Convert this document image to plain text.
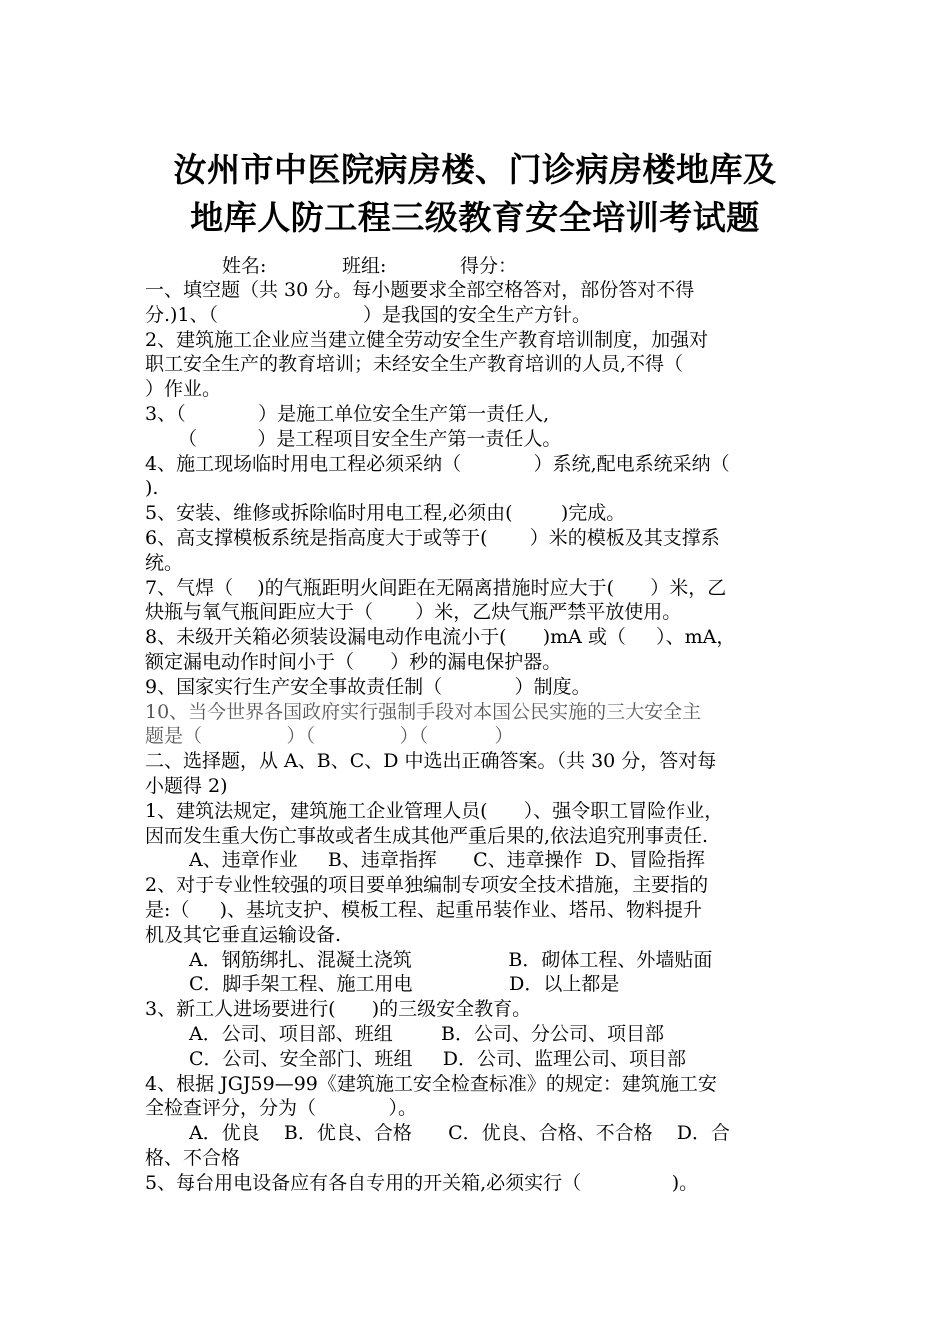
汝州市中医院病房楼、门诊病房楼地库及
地库人防工程三级教育安全培训考试题
姓名:	班组:	得分：
一、填空题（共 30 分。每小题要求全部空格答对，部份答对不得
分.)1、（                        ）是我国的安全生产方针。
2、建筑施工企业应当建立健全劳动安全生产教育培训制度，加强对
职工安全生产的教育培训；未经安全生产教育培训的人员,不得（
）作业。
3、（            ）是施工单位安全生产第一责任人,
（          ）是工程项目安全生产第一责任人。
4、施工现场临时用电工程必须采纳（            ）系统,配电系统采纳（
).
5、安装、维修或拆除临时用电工程,必须由(        )完成。
6、高支撑模板系统是指高度大于或等于(       ）米的模板及其支撑系
统。
7、气焊（    )的气瓶距明火间距在无隔离措施时应大于(      ）米，乙
炔瓶与氧气瓶间距应大于（       ）米，乙炔气瓶严禁平放使用。
8、未级开关箱必须装设漏电动作电流小于(      )mA 或（     ）、mA，
额定漏电动作时间小于（      ）秒的漏电保护器。
9、国家实行生产安全事故责任制（            ）制度。
10、当今世界各国政府实行强制手段对本国公民实施的三大安全主
题是（              ）（              ）（           ）
二、选择题，从 A、B、C、D 中选出正确答案。（共 30 分，答对每
小题得 2)
1、建筑法规定，建筑施工企业管理人员(      ）、强令职工冒险作业，
因而发生重大伤亡事故或者生成其他严重后果的,依法追究刑事责任.
A、违章作业     B、违章指挥      C、违章操作  D、冒险指挥
2、对于专业性较强的项目要单独编制专项安全技术措施，主要指的
是:（     )、基坑支护、模板工程、起重吊装作业、塔吊、物料提升
机及其它垂直运输设备.
A．钢筋绑扎、混凝土浇筑                B．砌体工程、外墙贴面
C．脚手架工程、施工用电                D．以上都是
3、新工人进场要进行(      )的三级安全教育。
A．公司、项目部、班组        B．公司、分公司、项目部
C．公司、安全部门、班组     D．公司、监理公司、项目部
4、根据 JGJ59—99《建筑施工安全检查标准》的规定：建筑施工安
全检查评分，分为（            ）。
A．优良    B．优良、合格      C．优良、合格、不合格    D．合
格、不合格
5、每台用电设备应有各自专用的开关箱,必须实行（               )。
